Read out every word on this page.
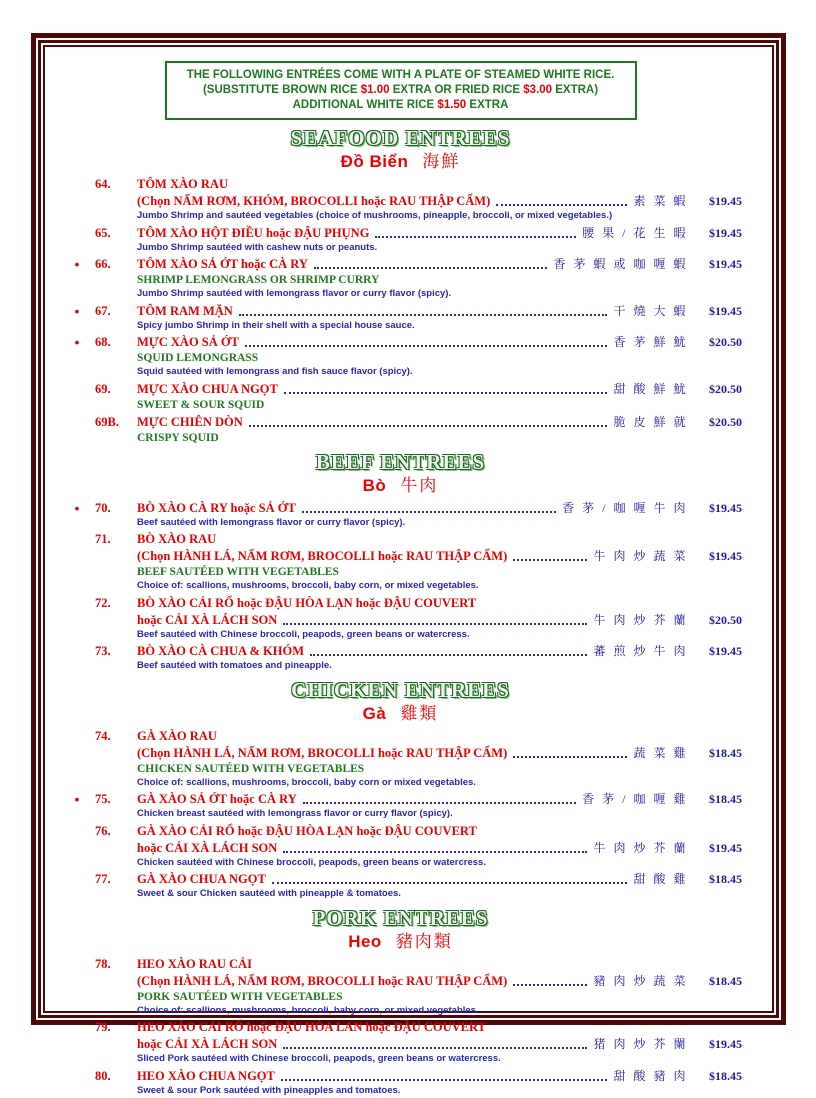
THE FOLLOWING ENTRÉES COME WITH A PLATE OF STEAMED WHITE RICE.
(SUBSTITUTE BROWN RICE $1.00 EXTRA OR FRIED RICE $3.00 EXTRA)
ADDITIONAL WHITE RICE $1.50 EXTRA
SEAFOOD ENTREES
Đồ Biển 海鮮
64.	TÔM XÀO RAU
(Chọn NẤM RƠM, KHÓM, BROCOLLI hoặc RAU THẬP CẨM)	素 菜 蝦	$19.45
Jumbo Shrimp and sautéed vegetables (choice of mushrooms, pineapple, broccoli, or mixed vegetables.)
65.	TÔM XÀO HỘT ĐIỀU hoặc ĐẬU PHỤNG	腰 果 / 花 生 暇	$19.45
Jumbo Shrimp sautéed with cashew nuts or peanuts.
•	66.	TÔM XÀO SẢ ỚT hoặc CÀ RY	香 茅 蝦 或 咖 喱 蝦	$19.45
SHRIMP LEMONGRASS OR SHRIMP CURRY
Jumbo Shrimp sautéed with lemongrass flavor or curry flavor (spicy).
•	67.	TÔM RAM MẶN	干 燒 大 蝦	$19.45
Spicy jumbo Shrimp in their shell with a special house sauce.
•	68.	MỰC XÀO SẢ ỚT	香 茅 鮮 魷	$20.50
SQUID LEMONGRASS
Squid sautéed with lemongrass and fish sauce flavor (spicy).
69.	MỰC XÀO CHUA NGỌT	甜 酸 鮮 魷	$20.50
SWEET & SOUR SQUID
69B.	MỰC CHIÊN DÒN	脆 皮 鮮 就	$20.50
CRISPY SQUID
BEEF ENTREES
Bò 牛肉
•	70.	BÒ XÀO CÀ RY hoặc SẢ ỚT	香 茅 / 咖 喱 牛 肉	$19.45
Beef sautéed with lemongrass flavor or curry flavor (spicy).
71.	BÒ XÀO RAU
(Chọn HÀNH LÁ, NẤM RƠM, BROCOLLI hoặc RAU THẬP CẨM)	牛 肉 炒 蔬 菜	$19.45
BEEF SAUTÉED WITH VEGETABLES
Choice of: scallions, mushrooms, broccoli, baby corn, or mixed vegetables.
72.	BÒ XÀO CẢI RỔ hoặc ĐẬU HÒA LẠN hoặc ĐẬU COUVERT
hoặc CẢI XÀ LÁCH SON	牛 肉 炒 芥 蘭	$20.50
Beef sautéed with Chinese broccoli, peapods, green beans or watercress.
73.	BÒ XÀO CÀ CHUA & KHÓM	蕃 煎 炒 牛 肉	$19.45
Beef sautéed with tomatoes and pineapple.
CHICKEN ENTREES
Gà 雞類
74.	GÀ XÀO RAU
(Chọn HÀNH LÁ, NẤM RƠM, BROCOLLI hoặc RAU THẬP CẨM)	蔬 菜 雞	$18.45
CHICKEN SAUTÉED WITH VEGETABLES
Choice of: scallions, mushrooms, broccoli, baby corn or mixed vegetables.
•	75.	GÀ XÀO SẢ ỚT hoặc CÀ RY	香 茅 / 咖 喱 雞	$18.45
Chicken breast sautéed with lemongrass flavor or curry flavor (spicy).
76.	GÀ XÀO CẢI RỔ hoặc ĐẬU HÒA LẠN hoặc ĐẬU COUVERT
hoặc CẢI XÀ LÁCH SON	牛 肉 炒 芥 蘭	$19.45
Chicken sautéed with Chinese broccoli, peapods, green beans or watercress.
77.	GÀ XÀO CHUA NGỌT	甜 酸 雞	$18.45
Sweet & sour Chicken sautéed with pineapple & tomatoes.
PORK ENTREES
Heo 豬肉類
78.	HEO XÀO RAU CẢI
(Chọn HÀNH LÁ, NẤM RƠM, BROCOLLI hoặc RAU THẬP CẨM)	豬 肉 炒 蔬 菜	$18.45
PORK SAUTÉED WITH VEGETABLES
Choice of: scallions, mushrooms, broccoli, baby corn, or mixed vegetables.
79.	HEO XÀO CẢI RỔ hoặc ĐẬU HÒA LAN hoặc ĐẬU COUVERT
hoặc CẢI XÀ LÁCH SON	猪 肉 炒 芥 闌	$19.45
Sliced Pork sautéed with Chinese broccoli, peapods, green beans or watercress.
80.	HEO XÀO CHUA NGỌT	甜 酸 豬 肉	$18.45
Sweet & sour Pork sautéed with pineapples and tomatoes.
